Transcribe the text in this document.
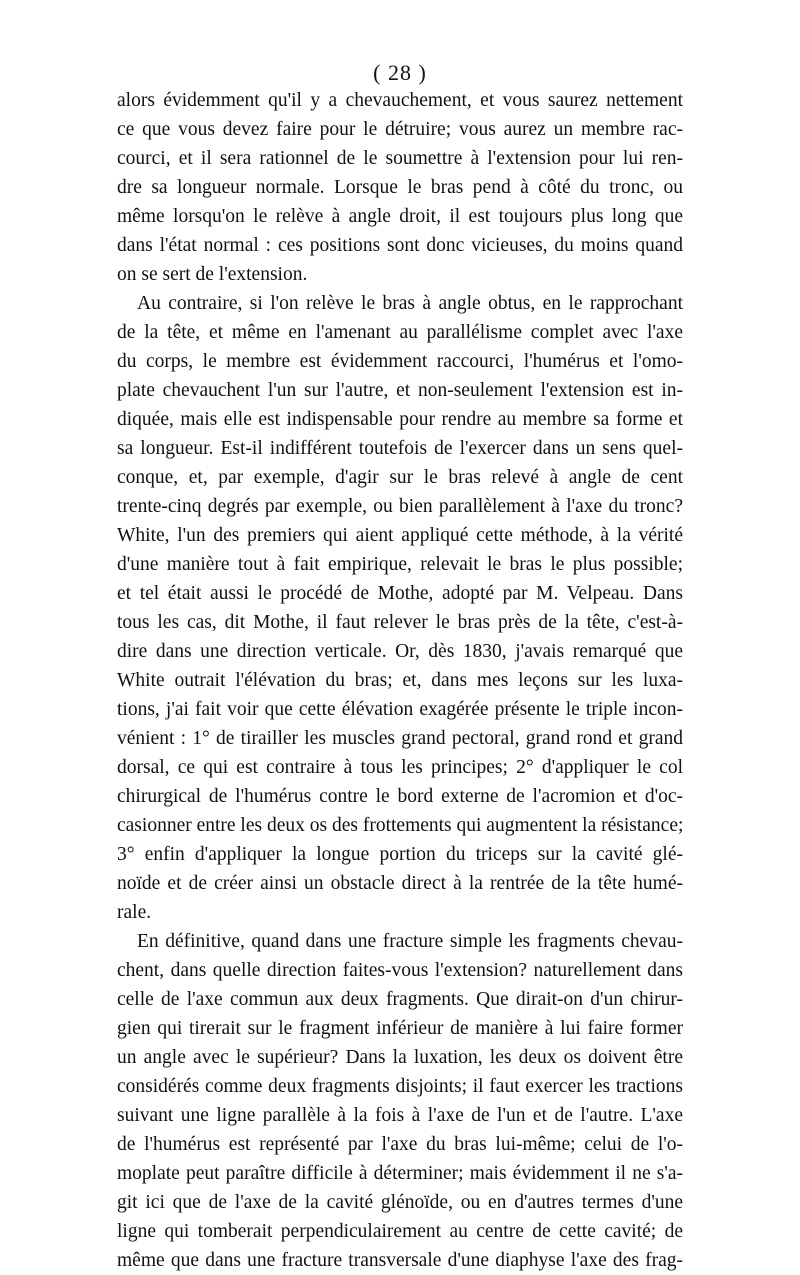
( 28 )
alors évidemment qu'il y a chevauchement, et vous saurez nettement
ce que vous devez faire pour le détruire; vous aurez un membre rac-
courci, et il sera rationnel de le soumettre à l'extension pour lui ren-
dre sa longueur normale. Lorsque le bras pend à côté du tronc, ou
même lorsqu'on le relève à angle droit, il est toujours plus long que
dans l'état normal : ces positions sont donc vicieuses, du moins quand
on se sert de l'extension.
Au contraire, si l'on relève le bras à angle obtus, en le rapprochant
de la tête, et même en l'amenant au parallélisme complet avec l'axe
du corps, le membre est évidemment raccourci, l'humérus et l'omo-
plate chevauchent l'un sur l'autre, et non-seulement l'extension est in-
diquée, mais elle est indispensable pour rendre au membre sa forme et
sa longueur. Est-il indifférent toutefois de l'exercer dans un sens quel-
conque, et, par exemple, d'agir sur le bras relevé à angle de cent
trente-cinq degrés par exemple, ou bien parallèlement à l'axe du tronc?
White, l'un des premiers qui aient appliqué cette méthode, à la vérité
d'une manière tout à fait empirique, relevait le bras le plus possible;
et tel était aussi le procédé de Mothe, adopté par M. Velpeau. Dans
tous les cas, dit Mothe, il faut relever le bras près de la tête, c'est-à-
dire dans une direction verticale. Or, dès 1830, j'avais remarqué que
White outrait l'élévation du bras; et, dans mes leçons sur les luxa-
tions, j'ai fait voir que cette élévation exagérée présente le triple incon-
vénient : 1° de tirailler les muscles grand pectoral, grand rond et grand
dorsal, ce qui est contraire à tous les principes; 2° d'appliquer le col
chirurgical de l'humérus contre le bord externe de l'acromion et d'oc-
casionner entre les deux os des frottements qui augmentent la résistance;
3° enfin d'appliquer la longue portion du triceps sur la cavité glé-
noïde et de créer ainsi un obstacle direct à la rentrée de la tête humé-
rale.
En définitive, quand dans une fracture simple les fragments chevau-
chent, dans quelle direction faites-vous l'extension? naturellement dans
celle de l'axe commun aux deux fragments. Que dirait-on d'un chirur-
gien qui tirerait sur le fragment inférieur de manière à lui faire former
un angle avec le supérieur? Dans la luxation, les deux os doivent être
considérés comme deux fragments disjoints; il faut exercer les tractions
suivant une ligne parallèle à la fois à l'axe de l'un et de l'autre. L'axe
de l'humérus est représenté par l'axe du bras lui-même; celui de l'o-
moplate peut paraître difficile à déterminer; mais évidemment il ne s'a-
git ici que de l'axe de la cavité glénoïde, ou en d'autres termes d'une
ligne qui tomberait perpendiculairement au centre de cette cavité; de
même que dans une fracture transversale d'une diaphyse l'axe des frag-
